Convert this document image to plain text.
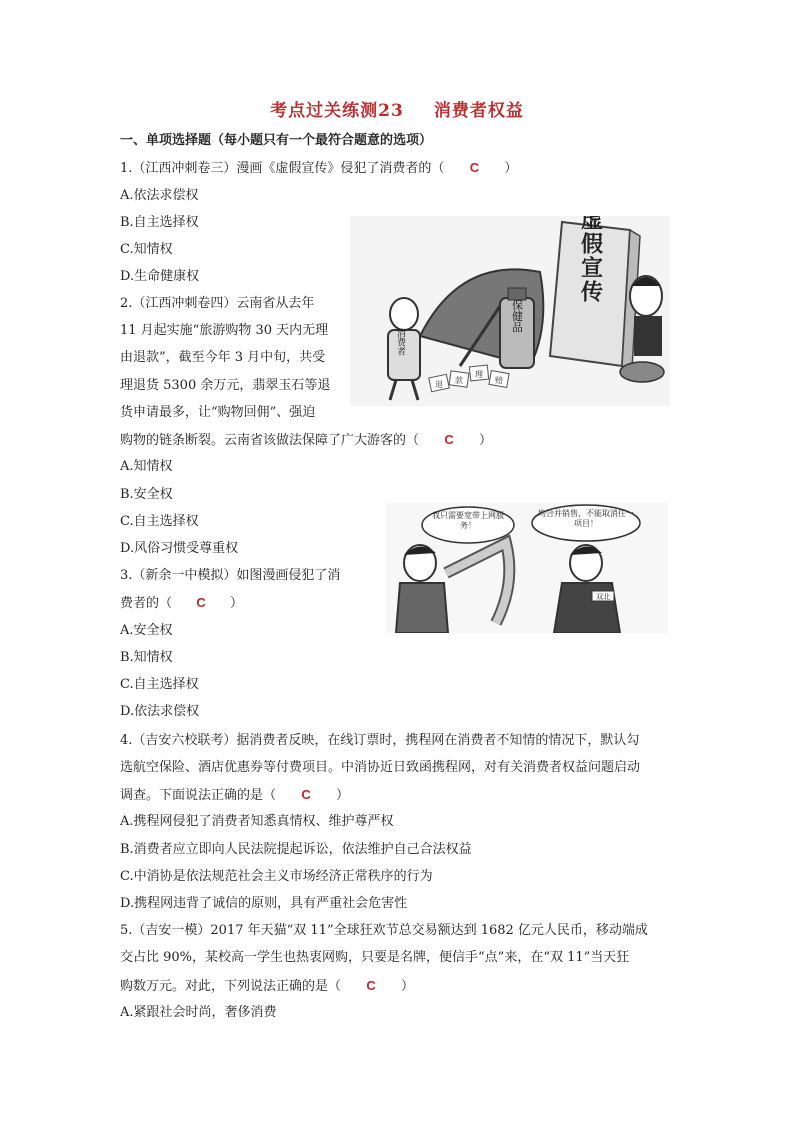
考点过关练测23 消费者权益
一、单项选择题（每小题只有一个最符合题意的选项）
1.（江西冲刺卷三）漫画《虚假宣传》侵犯了消费者的（ C ）
A.依法求偿权
B.自主选择权
C.知情权
D.生命健康权
2.（江西冲刺卷四）云南省从去年
11 月起实施“旅游购物 30 天内无理
由退款”，截至今年 3 月中旬，共受
理退货 5300 余万元，翡翠玉石等退
货申请最多，让“购物回佣”、强迫
购物的链条断裂。云南省该做法保障了广大游客的（ C ）
A.知情权
B.安全权
C.自主选择权
D.风俗习惯受尊重权
3.（新余一中模拟）如图漫画侵犯了消
费者的（ C ）
A.安全权
B.知情权
C.自主选择权
D.依法求偿权
4.（吉安六校联考）据消费者反映，在线订票时，携程网在消费者不知情的情况下，默认勾
选航空保险、酒店优惠券等付费项目。中消协近日致函携程网，对有关消费者权益问题启动
调查。下面说法正确的是（ C ）
A.携程网侵犯了消费者知悉真情权、维护尊严权
B.消费者应立即向人民法院提起诉讼，依法维护自己合法权益
C.中消协是依法规范社会主义市场经济正常秩序的行为
D.携程网违背了诚信的原则，具有严重社会危害性
5.（吉安一模）2017 年天猫“双 11”全球狂欢节总交易额达到 1682 亿元人民币，移动端成
交占比 90%，某校高一学生也热衷网购，只要是名牌，便信手“点”来，在“双 11”当天狂
购数万元。对此，下列说法正确的是（ C ）
A.紧跟社会时尚，奢侈消费
虚假宣传
保健品
消费者
退 款
理
赔
我只需要宽带上网服务！
均合并销售，不能取消任一项目！
双北
